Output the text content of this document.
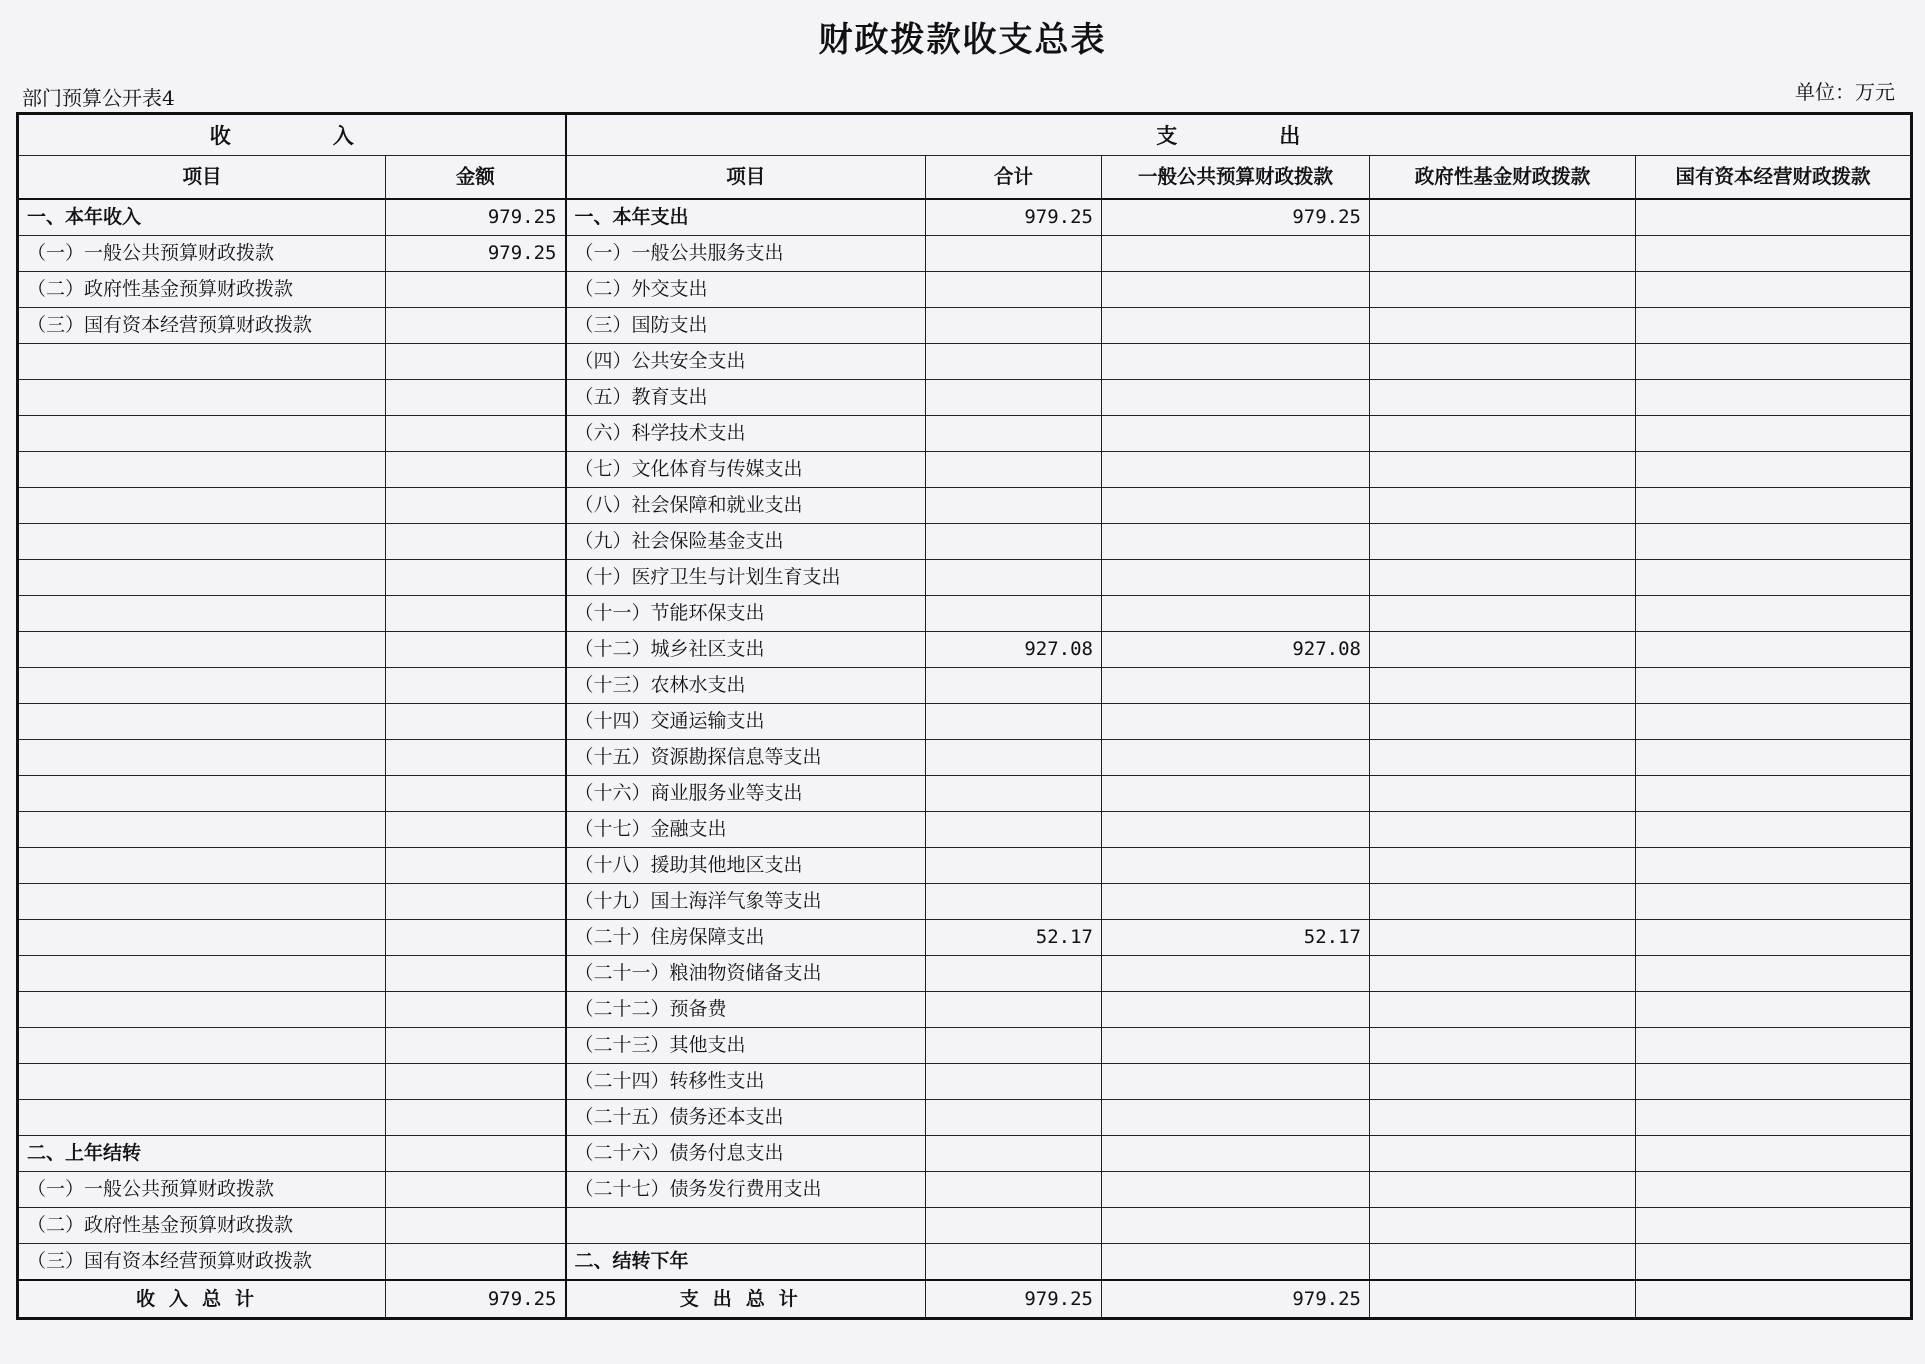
财政拨款收支总表
部门预算公开表4	单位：万元
收　　入		支　　出				
项目	金额	项目	合计	一般公共预算财政拨款	政府性基金财政拨款	国有资本经营财政拨款
一、本年收入	979.25	一、本年支出	979.25	979.25		
（一）一般公共预算财政拨款	979.25	（一）一般公共服务支出				
（二）政府性基金预算财政拨款		（二）外交支出				
（三）国有资本经营预算财政拨款		（三）国防支出				
		（四）公共安全支出				
		（五）教育支出				
		（六）科学技术支出				
		（七）文化体育与传媒支出				
		（八）社会保障和就业支出				
		（九）社会保险基金支出				
		（十）医疗卫生与计划生育支出				
		（十一）节能环保支出				
		（十二）城乡社区支出	927.08	927.08		
		（十三）农林水支出				
		（十四）交通运输支出				
		（十五）资源勘探信息等支出				
		（十六）商业服务业等支出				
		（十七）金融支出				
		（十八）援助其他地区支出				
		（十九）国土海洋气象等支出				
		（二十）住房保障支出	52.17	52.17		
		（二十一）粮油物资储备支出				
		（二十二）预备费				
		（二十三）其他支出				
		（二十四）转移性支出				
		（二十五）债务还本支出				
二、上年结转		（二十六）债务付息支出				
（一）一般公共预算财政拨款		（二十七）债务发行费用支出				
（二）政府性基金预算财政拨款						
（三）国有资本经营预算财政拨款		二、结转下年				
收入总计	979.25	支出总计	979.25	979.25		
